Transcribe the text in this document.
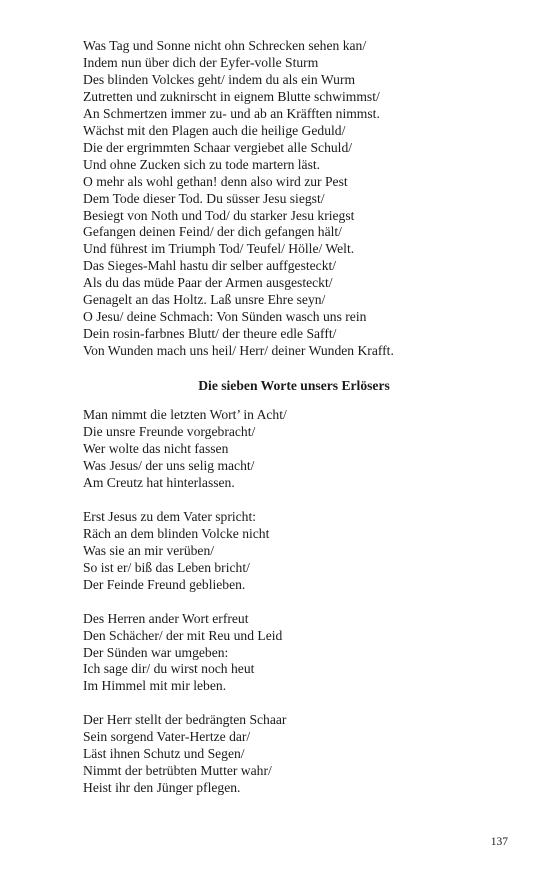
Was Tag und Sonne nicht ohn Schrecken sehen kan/
Indem nun über dich der Eyfer-volle Sturm
Des blinden Volckes geht/ indem du als ein Wurm
Zutretten und zuknirscht in eignem Blutte schwimmst/
An Schmertzen immer zu- und ab an Kräfften nimmst.
Wächst mit den Plagen auch die heilige Geduld/
Die der ergrimmten Schaar vergiebet alle Schuld/
Und ohne Zucken sich zu tode martern läst.
O mehr als wohl gethan! denn also wird zur Pest
Dem Tode dieser Tod. Du süsser Jesu siegst/
Besiegt von Noth und Tod/ du starker Jesu kriegst
Gefangen deinen Feind/ der dich gefangen hält/
Und führest im Triumph Tod/ Teufel/ Hölle/ Welt.
Das Sieges-Mahl hastu dir selber auffgesteckt/
Als du das müde Paar der Armen ausgesteckt/
Genagelt an das Holtz. Laß unsre Ehre seyn/
O Jesu/ deine Schmach: Von Sünden wasch uns rein
Dein rosin-farbnes Blutt/ der theure edle Safft/
Von Wunden mach uns heil/ Herr/ deiner Wunden Krafft.
Die sieben Worte unsers Erlösers
Man nimmt die letzten Wort’ in Acht/
Die unsre Freunde vorgebracht/
Wer wolte das nicht fassen
Was Jesus/ der uns selig macht/
Am Creutz hat hinterlassen.
Erst Jesus zu dem Vater spricht:
Räch an dem blinden Volcke nicht
Was sie an mir verüben/
So ist er/ biß das Leben bricht/
Der Feinde Freund geblieben.
Des Herren ander Wort erfreut
Den Schächer/ der mit Reu und Leid
Der Sünden war umgeben:
Ich sage dir/ du wirst noch heut
Im Himmel mit mir leben.
Der Herr stellt der bedrängten Schaar
Sein sorgend Vater-Hertze dar/
Läst ihnen Schutz und Segen/
Nimmt der betrübten Mutter wahr/
Heist ihr den Jünger pflegen.
137
